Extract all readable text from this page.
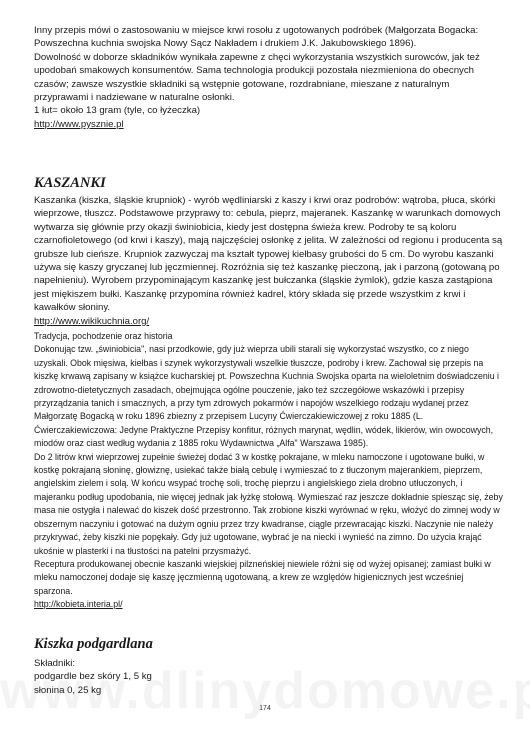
Inny przepis mówi o zastosowaniu w miejsce krwi rosołu z ugotowanych podróbek (Małgorzata Bogacka: Powszechna kuchnia swojska Nowy Sącz Nakładem i drukiem J.K. Jakubowskiego 1896).

Dowolność w doborze składników wynikała zapewne z chęci wykorzystania wszystkich surowców, jak też upodobań smakowych konsumentów. Sama technologia produkcji pozostała niezmieniona do obecnych czasów; zawsze wszystkie składniki są wstępnie gotowane, rozdrabniane, mieszane z naturalnym przyprawami i nadziewane w naturalne osłonki.

1 łut= około 13 gram (tyle, co łyżeczka)

http://www.pysznie.pl

KASZANKI

Kaszanka (kiszka, śląskie krupniok) - wyrób wędliniarski z kaszy i krwi oraz podrobów: wątroba, płuca, skórki wieprzowe, tłuszcz. Podstawowe przyprawy to: cebula, pieprz, majeranek. Kaszankę w warunkach domowych wytwarza się głównie przy okazji świniobicia, kiedy jest dostępna świeża krew. Podroby te są koloru czarnofioletowego (od krwi i kaszy), mają najczęściej osłonkę z jelita. W zależności od regionu i producenta są grubsze lub cieńsze. Krupniok zazwyczaj ma kształt typowej kiełbasy grubości do 5 cm. Do wyrobu kaszanki używa się kaszy gryczanej lub jęczmiennej. Rozróżnia się też kaszankę pieczoną, jak i parzoną (gotowaną po napełnieniu). Wyrobem przypominającym kaszankę jest bułczanka (śląskie żymlok), gdzie kasza zastąpiona jest miękiszem bułki. Kaszankę przypomina również kadrel, który składa się przede wszystkim z krwi i kawałków słoniny.

http://www.wikikuchnia.org/

Tradycja, pochodzenie oraz historia
Dokonując tzw. „świniobicia", nasi przodkowie, gdy już wieprza ubili starali się wykorzystać wszystko, co z niego uzyskali. Obok mięsiwa, kiełbas i szynek wykorzystywali wszelkie tłuszcze, podroby i krew. Zachował się przepis na kiszkę krwawą zapisany w książce kucharskiej pt. Powszechna Kuchnia Swojska oparta na wieloletnim doświadczeniu i zdrowotno-dietetycznych zasadach, obejmująca ogólne pouczenie, jako też szczegółowe wskazówki i przepisy przyrządzania tanich i smacznych, a przy tym zdrowych pokarmów i napojów wszelkiego rodzaju wydanej przez Małgorzatę Bogacką w roku 1896 zbiezny z przepisem Lucyny Ćwierczakiewiczowej z roku 1885 (L. Ćwierczakiewiczowa: Jedyne Praktyczne Przepisy konfitur, różnych marynat, wędlin, wódek, likierów, win owocowych, miodów oraz ciast według wydania z 1885 roku Wydawnictwa „Alfa" Warszawa 1985).

Do 2 litrów krwi wieprzowej zupełnie świeżej dodać 3 w kostkę pokrajane, w mleku namoczone i ugotowane bułki, w kostkę pokrajaną słoninę, głowiznę, usiekać także białą cebulę i wymieszać to z tłuczonym majerankiem, pieprzem, angielskim zielem i solą. W końcu wsypać trochę soli, trochę pieprzu i angielskiego ziela drobno utłuczonych, i majeranku podług upodobania, nie więcej jednak jak łyżkę stołową. Wymieszać raz jeszcze dokładnie spiesząc się, żeby masa nie ostygła i nalewać do kiszek dość przestronno. Tak zrobione kiszki wyrównać w ręku, włożyć do zimnej wody w obszernym naczyniu i gotować na dużym ogniu przez trzy kwadranse, ciągle przewracając kiszki. Naczynie nie należy przykrywać, żeby kiszki nie popękały. Gdy już ugotowane, wybrać je na niecki i wynieść na zimno. Do użycia krająć ukośnie w plasterki i na tłustości na patelni przysmażyć.

Receptura produkowanej obecnie kaszanki wiejskiej pilzneńskiej niewiele różni się od wyżej opisanej; zamiast bułki w mleku namoczonej dodaje się kaszę jęczmienną ugotowaną, a krew ze względów higienicznych jest wcześniej sparzona.

http://kobieta.interia.pl/

Kiszka podgardlana

Składniki:

podgardle bez skóry 1, 5 kg

słonina 0, 25 kg

174
